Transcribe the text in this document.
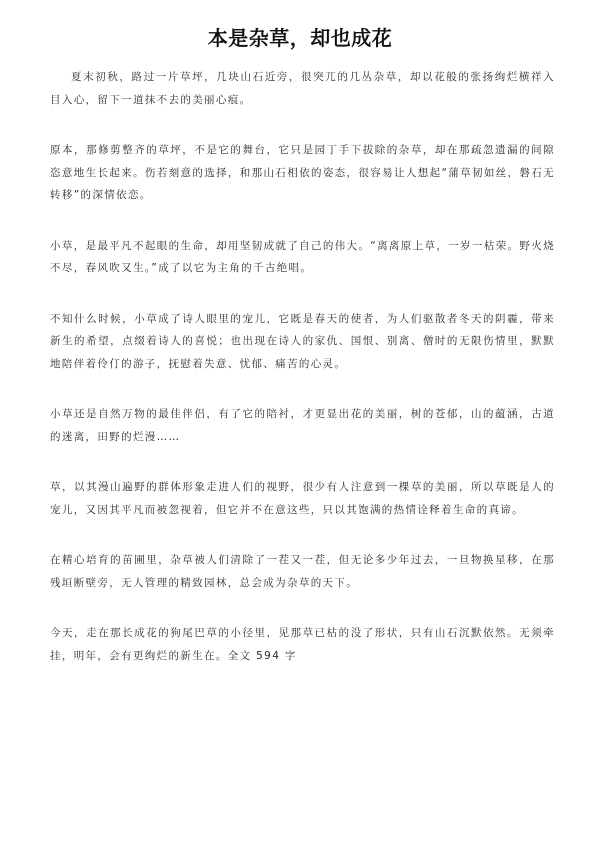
本是杂草，却也成花

夏末初秋，路过一片草坪，几块山石近旁，很突兀的几丛杂草，却以花般的张扬绚烂横祥入目入心，留下一道抹不去的美丽心痕。

原本，那修剪整齐的草坪，不是它的舞台，它只是园丁手下拔除的杂草，却在那疏忽遗漏的间隙恣意地生长起来。伤若刻意的选择，和那山石相依的姿态，很容易让人想起“蒲草韧如丝，磐石无转移”的深情依恋。

小草，是最平凡不起眼的生命，却用坚韧成就了自己的伟大。“离离原上草，一岁一枯荣。野火烧不尽，春风吹又生。”成了以它为主角的千古绝唱。

不知什么时候，小草成了诗人眼里的宠儿，它既是春天的使者，为人们驱散者冬天的阴霾，带来新生的希望，点缀着诗人的喜悦；也出现在诗人的家仇、国恨、别离、僧时的无限伤情里，默默地陪伴着伶仃的游子，抚慰着失意、忧郁、痛苦的心灵。

小草还是自然万物的最佳伴侣，有了它的陪衬，才更显出花的美丽，树的苍郁，山的蕴涵，古道的迷离，田野的烂漫……

草，以其漫山遍野的群体形象走进人们的视野，很少有人注意到一棵草的美丽，所以草既是人的宠儿，又因其平凡而被忽视着，但它并不在意这些，只以其饱满的热情诠释着生命的真谛。

在精心培育的苗圃里，杂草被人们清除了一茬又一茬，但无论多少年过去，一旦物换星移，在那残垣断壁旁，无人管理的精致园林，总会成为杂草的天下。

今天，走在那长成花的狗尾巴草的小径里，见那草已枯的没了形状，只有山石沉默依然。无须牵挂，明年，会有更绚烂的新生在。全文 594 字
